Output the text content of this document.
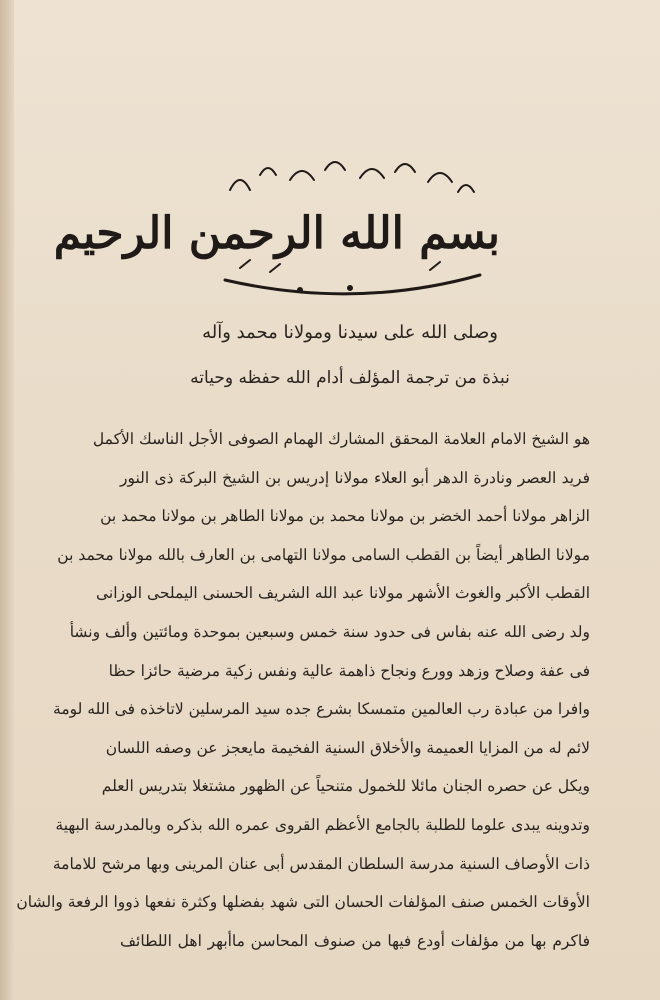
بسم الله الرحمن الرحيم
وصلى الله على سيدنا ومولانا محمد وآله
نبذة من ترجمة المؤلف أدام الله حفظه وحياته
هو الشيخ الامام العلامة المحقق المشارك الهمام الصوفى الأجل الناسك الأكمل
فريد العصر ونادرة الدهر أبو العلاء مولانا إدريس بن الشيخ البركة ذى النور
الزاهر مولانا أحمد الخضر بن مولانا محمد بن مولانا الطاهر بن مولانا محمد بن
مولانا الطاهر أيضاً بن القطب السامى مولانا التهامى بن العارف بالله مولانا محمد بن
القطب الأكبر والغوث الأشهر مولانا عبد الله الشريف الحسنى اليملحى الوزانى
ولد رضى الله عنه بفاس فى حدود سنة خمس وسبعين بموحدة ومائتين وألف ونشأ
فى عفة وصلاح وزهد وورع ونجاح ذاهمة عالية ونفس زكية مرضية حائزا حظا
وافرا من عبادة رب العالمين متمسكا بشرع جده سيد المرسلين لاتاخذه فى الله لومة
لائم له من المزايا العميمة والأخلاق السنية الفخيمة مايعجز عن وصفه اللسان
ويكل عن حصره الجنان مائلا للخمول متنحياً عن الظهور مشتغلا بتدريس العلم
وتدوينه يبدى علوما للطلبة بالجامع الأعظم القروى عمره الله بذكره وبالمدرسة البهية
ذات الأوصاف السنية مدرسة السلطان المقدس أبى عنان المرينى وبها مرشح للامامة
الأوقات الخمس صنف المؤلفات الحسان التى شهد بفضلها وكثرة نفعها ذووا الرفعة والشان
فاكرم بها من مؤلفات أودع فيها من صنوف المحاسن ماأبهر اهل اللطائف
